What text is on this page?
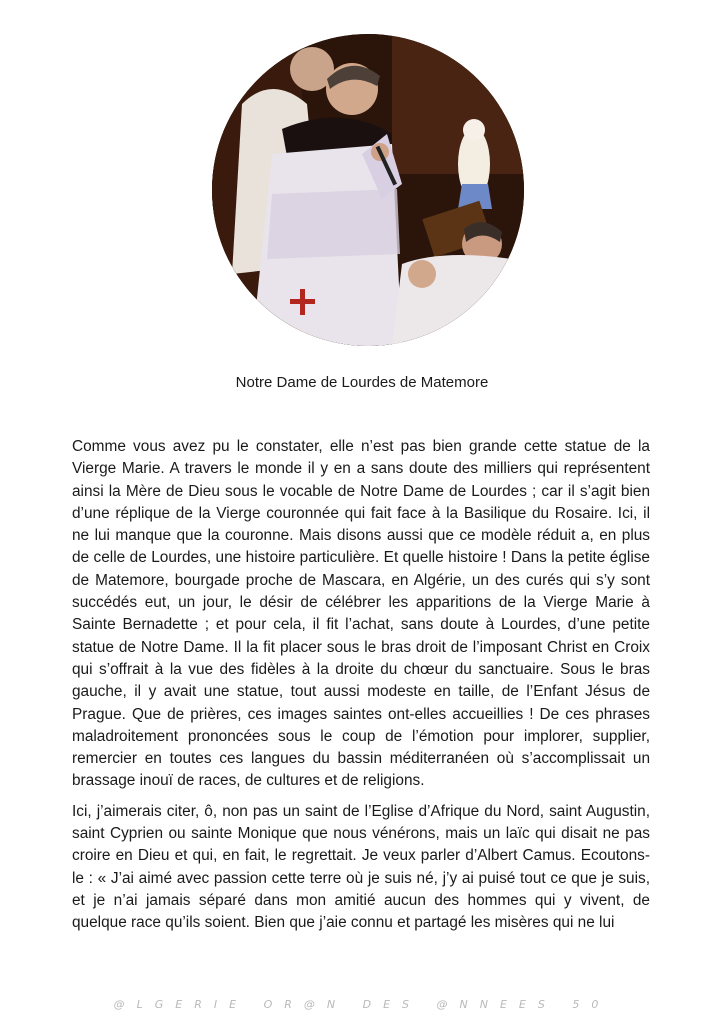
Notre Dame de Lourdes de Matemore

Comme vous avez pu le constater, elle n’est pas bien grande cette statue de la Vierge Marie. A travers le monde il y en a sans doute des milliers qui représentent ainsi la Mère de Dieu sous le vocable de Notre Dame de Lourdes ; car il s’agit bien d’une réplique de la Vierge couronnée qui fait face à la Basilique du Rosaire. Ici, il ne lui manque que la couronne. Mais disons aussi que ce modèle réduit a, en plus de celle de Lourdes, une histoire particulière. Et quelle histoire ! Dans la petite église de Matemore, bourgade proche de Mascara, en Algérie, un des curés qui s’y sont succédés eut, un jour, le désir de célébrer les apparitions de la Vierge Marie à Sainte Bernadette ; et pour cela, il fit l’achat, sans doute à Lourdes, d’une petite statue de Notre Dame. Il la fit placer sous le bras droit de l’imposant Christ en Croix qui s’offrait à la vue des fidèles à la droite du chœur du sanctuaire. Sous le bras gauche, il y avait une statue, tout aussi modeste en taille, de l’Enfant Jésus de Prague. Que de prières, ces images saintes ont-elles accueillies ! De ces phrases maladroitement prononcées sous le coup de l’émotion pour implorer, supplier, remercier en toutes ces langues du bassin méditerranéen où s’accomplissait un brassage inouï de races, de cultures et de religions.

Ici, j’aimerais citer, ô, non pas un saint de l’Eglise d’Afrique du Nord, saint Augustin, saint Cyprien ou sainte Monique que nous vénérons, mais un laïc qui disait ne pas croire en Dieu et qui, en fait, le regrettait. Je veux parler d’Albert Camus. Ecoutons-le : « J’ai aimé avec passion cette terre où je suis né, j’y ai puisé tout ce que je suis, et je n’ai jamais séparé dans mon amitié aucun des hommes qui y vivent, de quelque race qu’ils soient. Bien que j’aie connu et partagé les misères qui ne lui

@LGERIE OR@N DES @NNEES 50
